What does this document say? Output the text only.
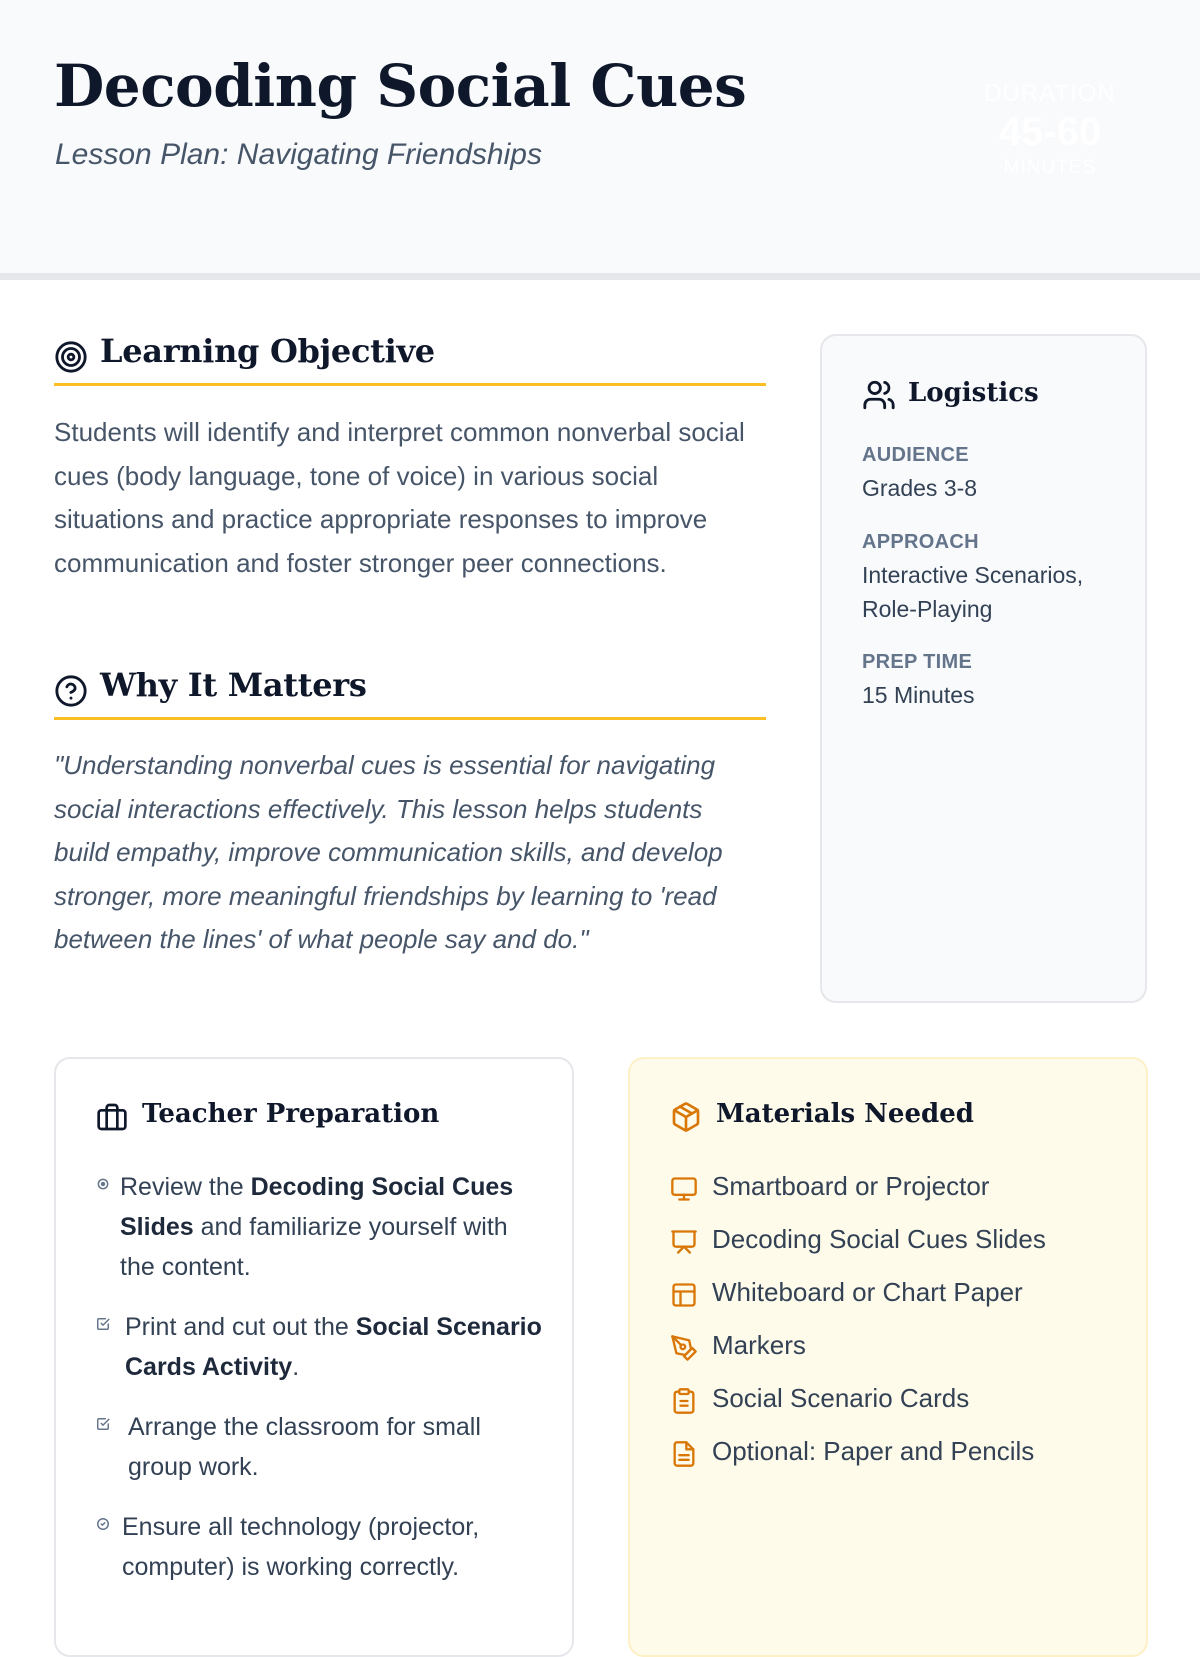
Decoding Social Cues
Lesson Plan: Navigating Friendships
DURATION
45-60
MINUTES
Learning Objective

Students will identify and interpret common nonverbal social cues (body language, tone of voice) in various social situations and practice appropriate responses to improve communication and foster stronger peer connections.

Why It Matters

"Understanding nonverbal cues is essential for navigating social interactions effectively. This lesson helps students build empathy, improve communication skills, and develop stronger, more meaningful friendships by learning to 'read between the lines' of what people say and do."

Logistics
AUDIENCE
Grades 3-8
APPROACH
Interactive Scenarios, Role-Playing
PREP TIME
15 Minutes
Teacher Preparation

Review the Decoding Social Cues Slides and familiarize yourself with the content.

Print and cut out the Social Scenario Cards Activity.

Arrange the classroom for small group work.

Ensure all technology (projector, computer) is working correctly.

Materials Needed
Smartboard or Projector
Decoding Social Cues Slides
Whiteboard or Chart Paper
Markers
Social Scenario Cards
Optional: Paper and Pencils
